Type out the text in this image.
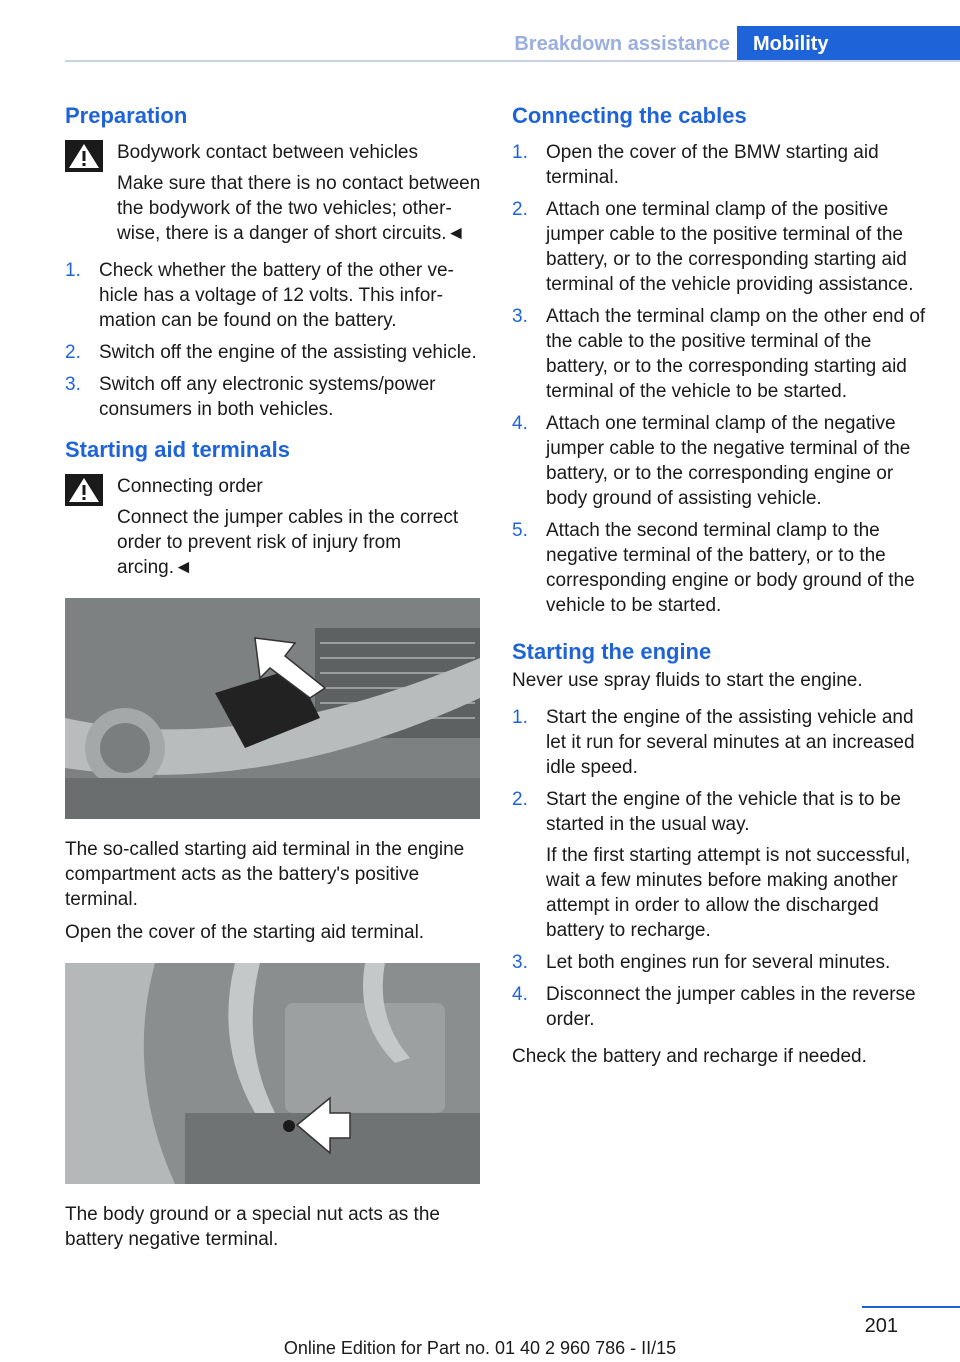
Breakdown assistance	Mobility
Preparation
Bodywork contact between vehicles
Make sure that there is no contact between the bodywork of the two vehicles; otherwise, there is a danger of short circuits.◄
1. Check whether the battery of the other vehicle has a voltage of 12 volts. This information can be found on the battery.
2. Switch off the engine of the assisting vehicle.
3. Switch off any electronic systems/power consumers in both vehicles.
Starting aid terminals
Connecting order
Connect the jumper cables in the correct order to prevent risk of injury from arcing.◄

The so-called starting aid terminal in the engine compartment acts as the battery's positive terminal.

Open the cover of the starting aid terminal.

The body ground or a special nut acts as the battery negative terminal.

Connecting the cables
1. Open the cover of the BMW starting aid terminal.
2. Attach one terminal clamp of the positive jumper cable to the positive terminal of the battery, or to the corresponding starting aid terminal of the vehicle providing assistance.
3. Attach the terminal clamp on the other end of the cable to the positive terminal of the battery, or to the corresponding starting aid terminal of the vehicle to be started.
4. Attach one terminal clamp of the negative jumper cable to the negative terminal of the battery, or to the corresponding engine or body ground of assisting vehicle.
5. Attach the second terminal clamp to the negative terminal of the battery, or to the corresponding engine or body ground of the vehicle to be started.
Starting the engine

Never use spray fluids to start the engine.

1. Start the engine of the assisting vehicle and let it run for several minutes at an increased idle speed.
2. Start the engine of the vehicle that is to be started in the usual way.

If the first starting attempt is not successful, wait a few minutes before making another attempt in order to allow the discharged battery to recharge.

3. Let both engines run for several minutes.
4. Disconnect the jumper cables in the reverse order.

Check the battery and recharge if needed.

201
Online Edition for Part no. 01 40 2 960 786 - II/15
